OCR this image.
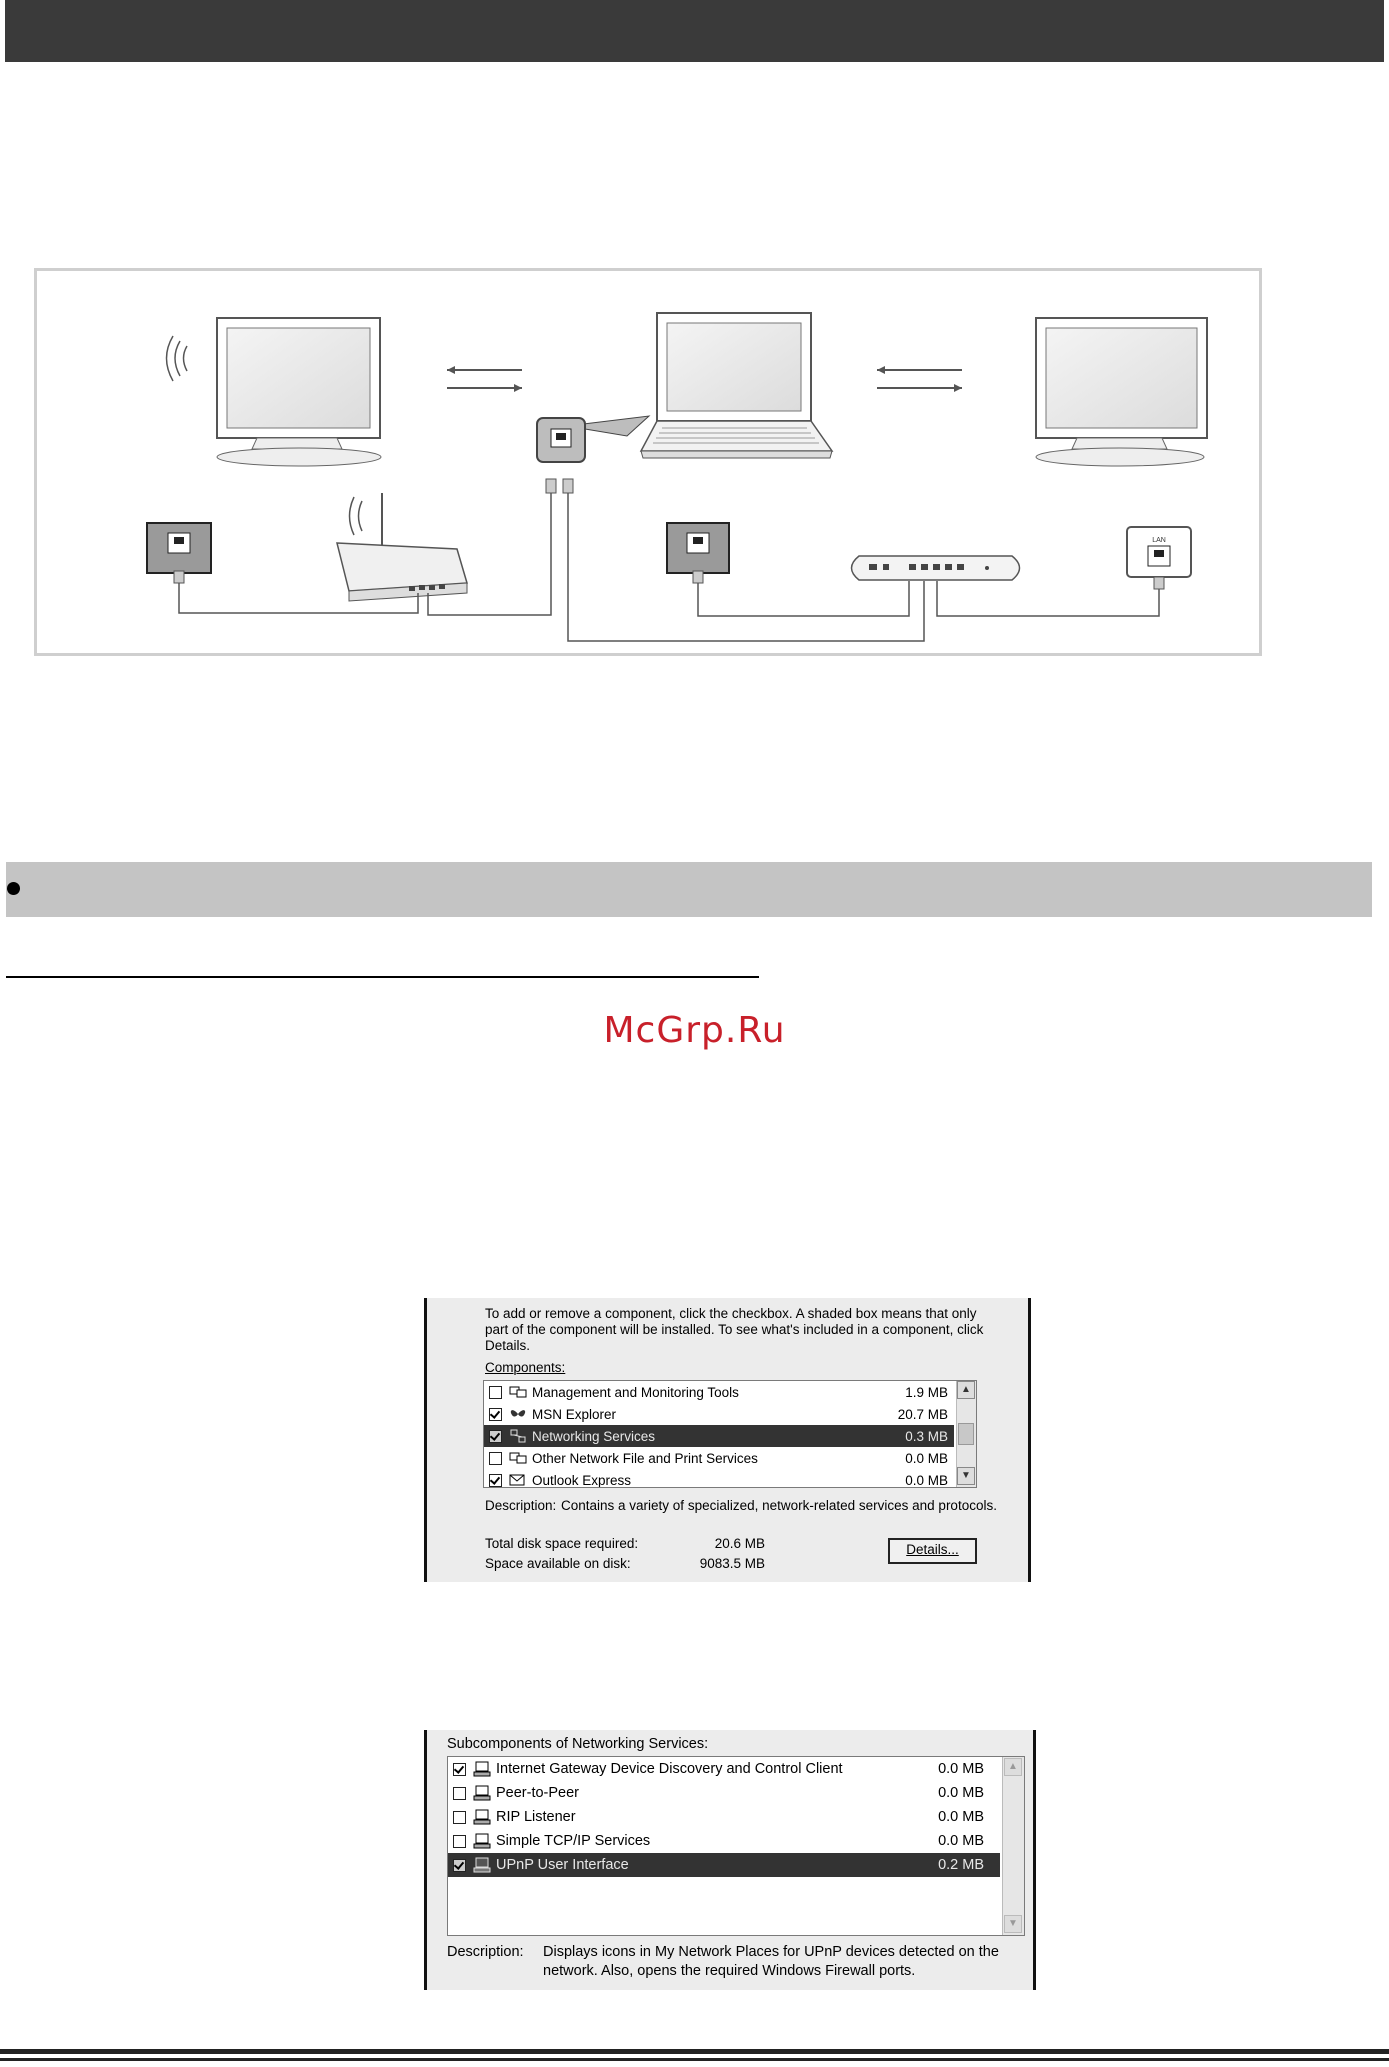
LAN
McGrp.Ru
To add or remove a component, click the checkbox. A shaded box means that only part of the component will be installed. To see what's included in a component, click Details.
Components:
Management and Monitoring Tools	1.9 MB
MSN Explorer	20.7 MB
Networking Services	0.3 MB
Other Network File and Print Services	0.0 MB
Outlook Express	0.0 MB
▲
▼
Description: Contains a variety of specialized, network-related services and protocols.
Total disk space required:	20.6 MB
Space available on disk:	9083.5 MB
Details...
Subcomponents of Networking Services:
Internet Gateway Device Discovery and Control Client	0.0 MB
Peer-to-Peer	0.0 MB
RIP Listener	0.0 MB
Simple TCP/IP Services	0.0 MB
UPnP User Interface	0.2 MB
▲
▼
Description: Displays icons in My Network Places for UPnP devices detected on the
network. Also, opens the required Windows Firewall ports.
